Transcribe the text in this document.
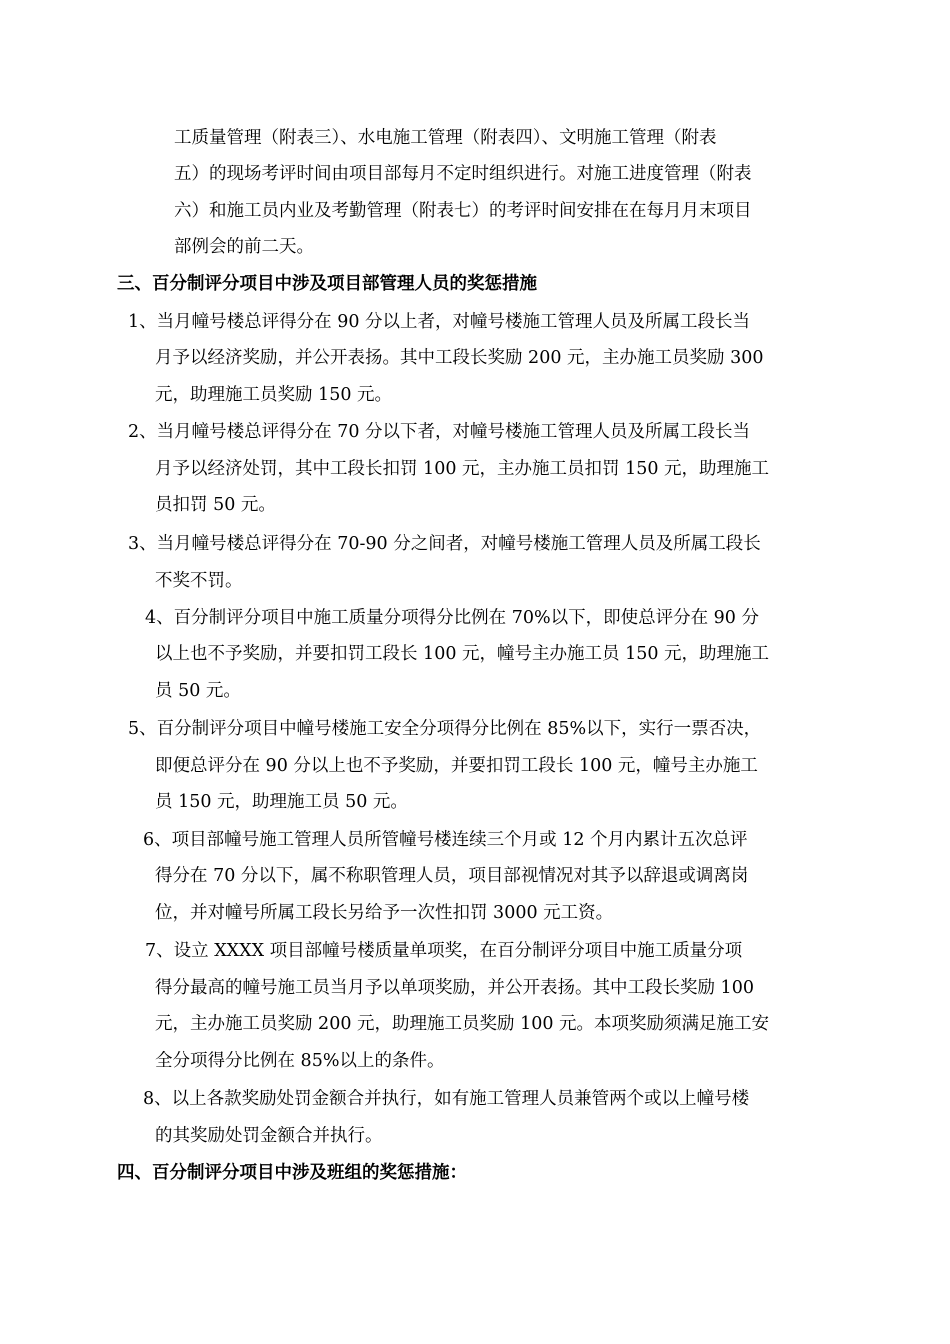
工质量管理（附表三）、水电施工管理（附表四）、文明施工管理（附表
五）的现场考评时间由项目部每月不定时组织进行。对施工进度管理（附表
六）和施工员内业及考勤管理（附表七）的考评时间安排在在每月月末项目
部例会的前二天。
三、百分制评分项目中涉及项目部管理人员的奖惩措施
1、当月幢号楼总评得分在 90 分以上者，对幢号楼施工管理人员及所属工段长当
月予以经济奖励，并公开表扬。其中工段长奖励 200 元，主办施工员奖励 300
元，助理施工员奖励 150 元。
2、当月幢号楼总评得分在 70 分以下者，对幢号楼施工管理人员及所属工段长当
月予以经济处罚，其中工段长扣罚 100 元，主办施工员扣罚 150 元，助理施工
员扣罚 50 元。
3、当月幢号楼总评得分在 70-90 分之间者，对幢号楼施工管理人员及所属工段长
不奖不罚。
4、百分制评分项目中施工质量分项得分比例在 70%以下，即使总评分在 90 分
以上也不予奖励，并要扣罚工段长 100 元，幢号主办施工员 150 元，助理施工
员 50 元。
5、百分制评分项目中幢号楼施工安全分项得分比例在 85%以下，实行一票否决，
即便总评分在 90 分以上也不予奖励，并要扣罚工段长 100 元，幢号主办施工
员 150 元，助理施工员 50 元。
6、项目部幢号施工管理人员所管幢号楼连续三个月或 12 个月内累计五次总评
得分在 70 分以下，属不称职管理人员，项目部视情况对其予以辞退或调离岗
位，并对幢号所属工段长另给予一次性扣罚 3000 元工资。
7、设立 XXXX 项目部幢号楼质量单项奖，在百分制评分项目中施工质量分项
得分最高的幢号施工员当月予以单项奖励，并公开表扬。其中工段长奖励 100
元，主办施工员奖励 200 元，助理施工员奖励 100 元。本项奖励须满足施工安
全分项得分比例在 85%以上的条件。
8、以上各款奖励处罚金额合并执行，如有施工管理人员兼管两个或以上幢号楼
的其奖励处罚金额合并执行。
四、百分制评分项目中涉及班组的奖惩措施：
